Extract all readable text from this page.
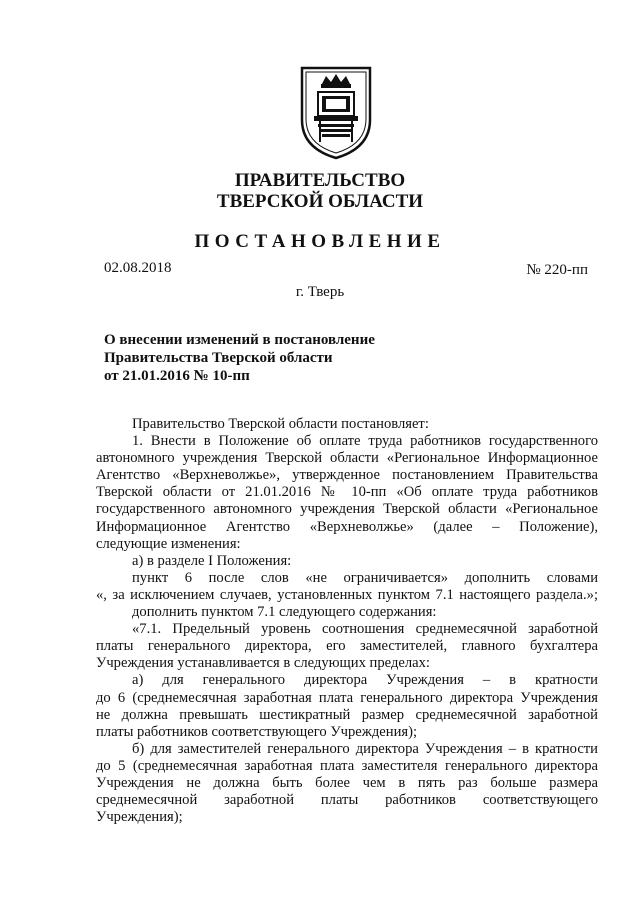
ПРАВИТЕЛЬСТВО
ТВЕРСКОЙ ОБЛАСТИ
ПОСТАНОВЛЕНИЕ
02.08.2018	№ 220-пп
г. Тверь
О внесении изменений в постановление
Правительства Тверской области
от 21.01.2016 № 10-пп
Правительство Тверской области постановляет:
1. Внести в Положение об оплате труда работников государственного
автономного учреждения Тверской области «Региональное Информационное
Агентство «Верхневолжье», утвержденное постановлением Правительства
Тверской области от 21.01.2016 № 10-пп «Об оплате труда работников
государственного автономного учреждения Тверской области «Региональное
Информационное Агентство «Верхневолжье» (далее – Положение),
следующие изменения:
а) в разделе I Положения:
пункт 6 после слов «не ограничивается» дополнить словами
«, за исключением случаев, установленных пунктом 7.1 настоящего раздела.»;
дополнить пунктом 7.1 следующего содержания:
«7.1. Предельный уровень соотношения среднемесячной заработной
платы генерального директора, его заместителей, главного бухгалтера
Учреждения устанавливается в следующих пределах:
а) для генерального директора Учреждения – в кратности
до 6 (среднемесячная заработная плата генерального директора Учреждения
не должна превышать шестикратный размер среднемесячной заработной
платы работников соответствующего Учреждения);
б) для заместителей генерального директора Учреждения – в кратности
до 5 (среднемесячная заработная плата заместителя генерального директора
Учреждения не должна быть более чем в пять раз больше размера
среднемесячной заработной платы работников соответствующего
Учреждения);
